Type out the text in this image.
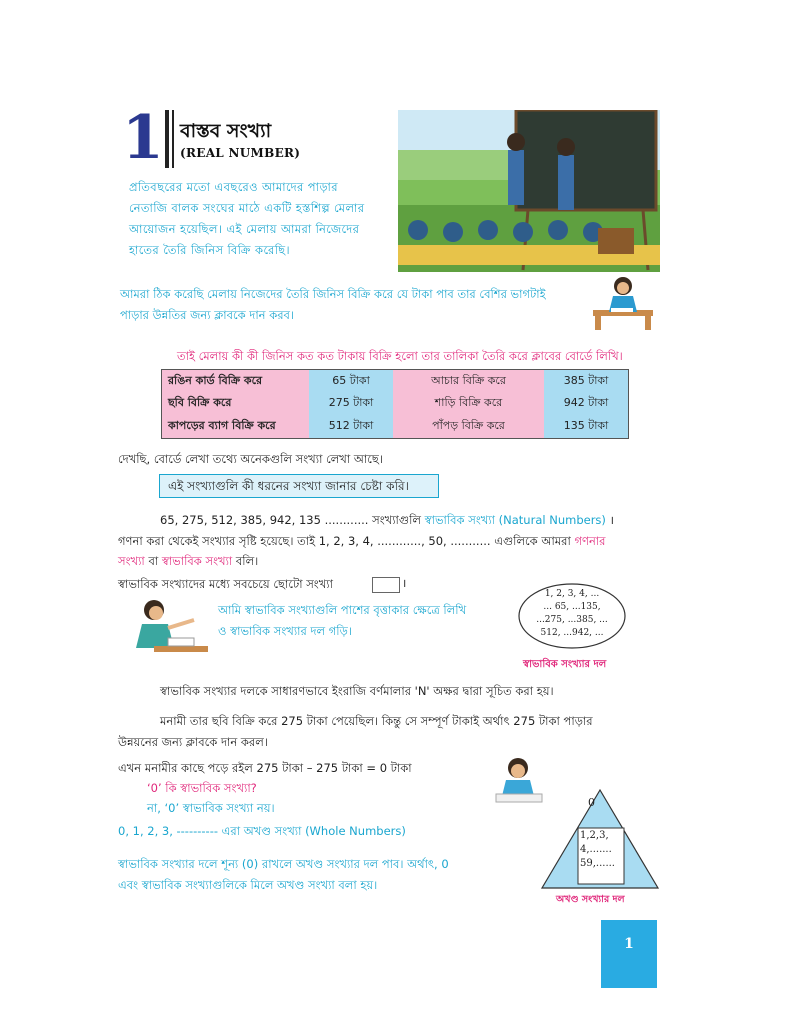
1 বাস্তব সংখ্যা
(REAL NUMBER)
প্রতিবছরের মতো এবছরেও আমাদের পাড়ার
নেতাজি বালক সংঘের মাঠে একটি হস্তশিল্প মেলার
আয়োজন হয়েছিল। এই মেলায় আমরা নিজেদের
হাতের তৈরি জিনিস বিক্রি করেছি।
আমরা ঠিক করেছি মেলায় নিজেদের তৈরি জিনিস বিক্রি করে যে টাকা পাব তার বেশির ভাগটাই
পাড়ার উন্নতির জন্য ক্লাবকে দান করব।
তাই মেলায় কী কী জিনিস কত কত টাকায় বিক্রি হলো তার তালিকা তৈরি করে ক্লাবের বোর্ডে লিখি।
রঙিন কার্ড বিক্রি করে	65 টাকা	আচার বিক্রি করে	385 টাকা
ছবি বিক্রি করে	275 টাকা	শাড়ি বিক্রি করে	942 টাকা
কাপড়ের ব্যাগ বিক্রি করে	512 টাকা	পাঁপড় বিক্রি করে	135 টাকা
দেখছি, বোর্ডে লেখা তথ্যে অনেকগুলি সংখ্যা লেখা আছে।
এই সংখ্যাগুলি কী ধরনের সংখ্যা জানার চেষ্টা করি।
65, 275, 512, 385, 942, 135 ............ সংখ্যাগুলি স্বাভাবিক সংখ্যা (Natural Numbers) ।
গণনা করা থেকেই সংখ্যার সৃষ্টি হয়েছে। তাই 1, 2, 3, 4, ............, 50, ........... এগুলিকে আমরা গণনার
সংখ্যা বা স্বাভাবিক সংখ্যা বলি।
স্বাভাবিক সংখ্যাদের মধ্যে সবচেয়ে ছোটো সংখ্যা	।
আমি স্বাভাবিক সংখ্যাগুলি পাশের বৃত্তাকার ক্ষেত্রে লিখি
ও স্বাভাবিক সংখ্যার দল গড়ি।
1, 2, 3, 4, ...
... 65, ...135,
...275, ...385, ...
512, ...942, ...
স্বাভাবিক সংখ্যার দল
স্বাভাবিক সংখ্যার দলকে সাধারণভাবে ইংরাজি বর্ণমালার 'N' অক্ষর দ্বারা সূচিত করা হয়।
মনামী তার ছবি বিক্রি করে 275 টাকা পেয়েছিল। কিন্তু সে সম্পূর্ণ টাকাই অর্থাৎ 275 টাকা পাড়ার
উন্নয়নের জন্য ক্লাবকে দান করল।
এখন মনামীর কাছে পড়ে রইল 275 টাকা – 275 টাকা = 0 টাকা
‘0’ কি স্বাভাবিক সংখ্যা?
না, ‘0’ স্বাভাবিক সংখ্যা নয়।
0, 1, 2, 3, ---------- এরা অখণ্ড সংখ্যা (Whole Numbers)
স্বাভাবিক সংখ্যার দলে শূন্য (0) রাখলে অখণ্ড সংখ্যার দল পাব। অর্থাৎ, 0
এবং স্বাভাবিক সংখ্যাগুলিকে মিলে অখণ্ড সংখ্যা বলা হয়।
0
1,2,3,
4,.......
59,......
অখণ্ড সংখ্যার দল
1
